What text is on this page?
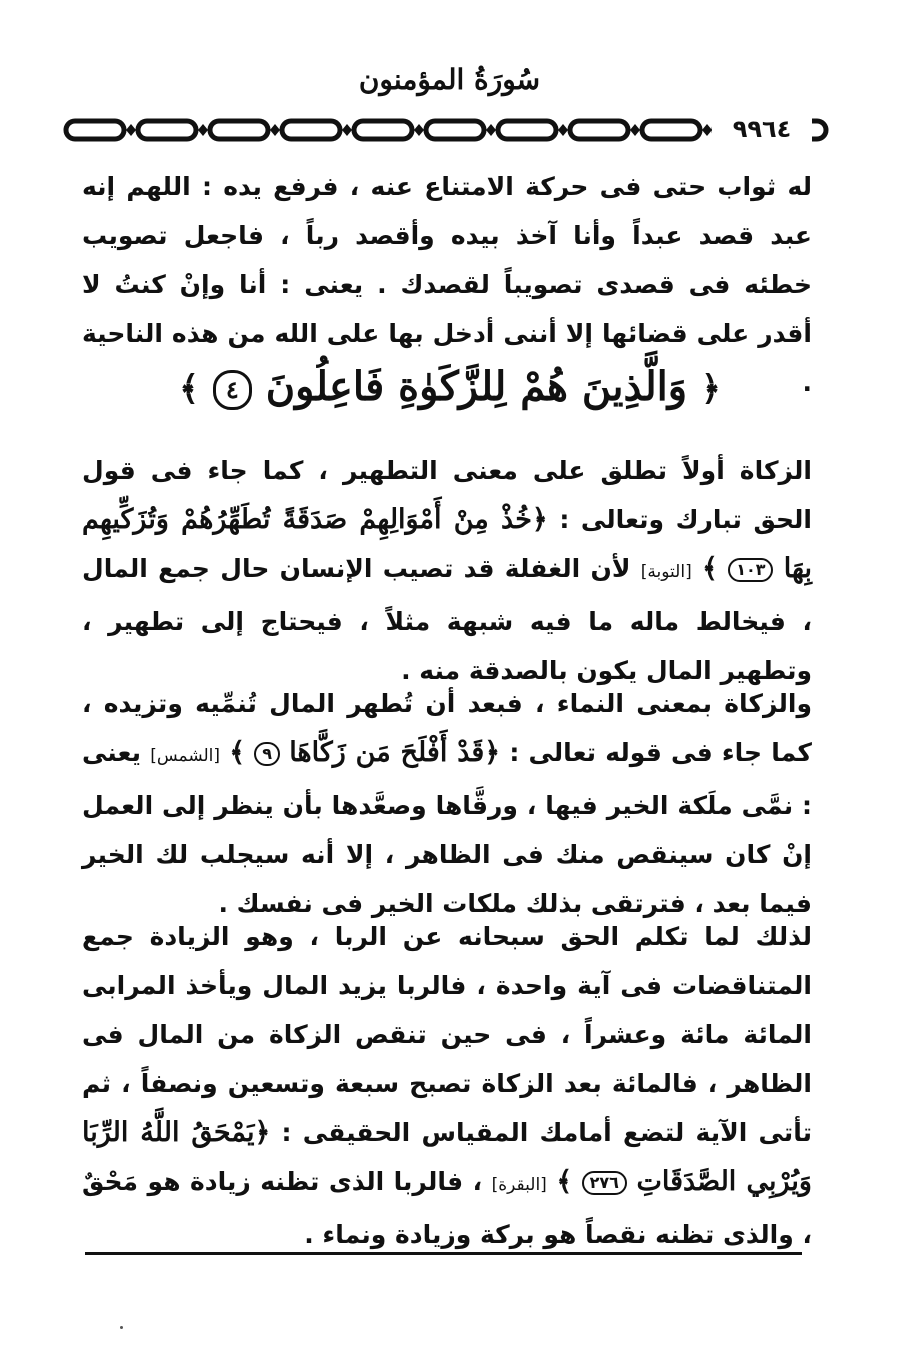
سُورَةُ المؤمنون
٩٩٦٤

له ثواب حتى فى حركة الامتناع عنه ، فرفع يده : اللهم إنه عبد قصد عبداً وأنا آخذ بيده وأقصد رباً ، فاجعل تصويب خطئه فى قصدى تصويباً لقصدك . يعنى : أنا وإنْ كنتُ لا أقدر على قضائها إلا أننى أدخل بها على الله من هذه الناحية .

﴿ وَالَّذِينَ هُمْ لِلزَّكَوٰةِ فَاعِلُونَ ٤ ﴾

الزكاة أولاً تطلق على معنى التطهير ، كما جاء فى قول الحق تبارك وتعالى : ﴿خُذْ مِنْ أَمْوَالِهِمْ صَدَقَةً تُطَهِّرُهُمْ وَتُزَكِّيهِم بِهَا ١٠٣ ﴾ [التوبة] لأن الغفلة قد تصيب الإنسان حال جمع المال ، فيخالط ماله ما فيه شبهة مثلاً ، فيحتاج إلى تطهير ، وتطهير المال يكون بالصدقة منه .

والزكاة بمعنى النماء ، فبعد أن تُطهر المال تُنمِّيه وتزيده ، كما جاء فى قوله تعالى : ﴿قَدْ أَفْلَحَ مَن زَكَّاهَا ٩ ﴾ [الشمس] يعنى : نمَّى ملَكة الخير فيها ، ورقَّاها وصعَّدها بأن ينظر إلى العمل إنْ كان سينقص منك فى الظاهر ، إلا أنه سيجلب لك الخير فيما بعد ، فترتقى بذلك ملكات الخير فى نفسك .

لذلك لما تكلم الحق سبحانه عن الربا ، وهو الزيادة جمع المتناقضات فى آية واحدة ، فالربا يزيد المال ويأخذ المرابى المائة مائة وعشراً ، فى حين تنقص الزكاة من المال فى الظاهر ، فالمائة بعد الزكاة تصبح سبعة وتسعين ونصفاً ، ثم تأتى الآية لتضع أمامك المقياس الحقيقى : ﴿يَمْحَقُ اللَّهُ الرِّبَا وَيُرْبِي الصَّدَقَاتِ ٢٧٦ ﴾ [البقرة] ، فالربا الذى تظنه زيادة هو مَحْقٌ ، والذى تظنه نقصاً هو بركة وزيادة ونماء .
